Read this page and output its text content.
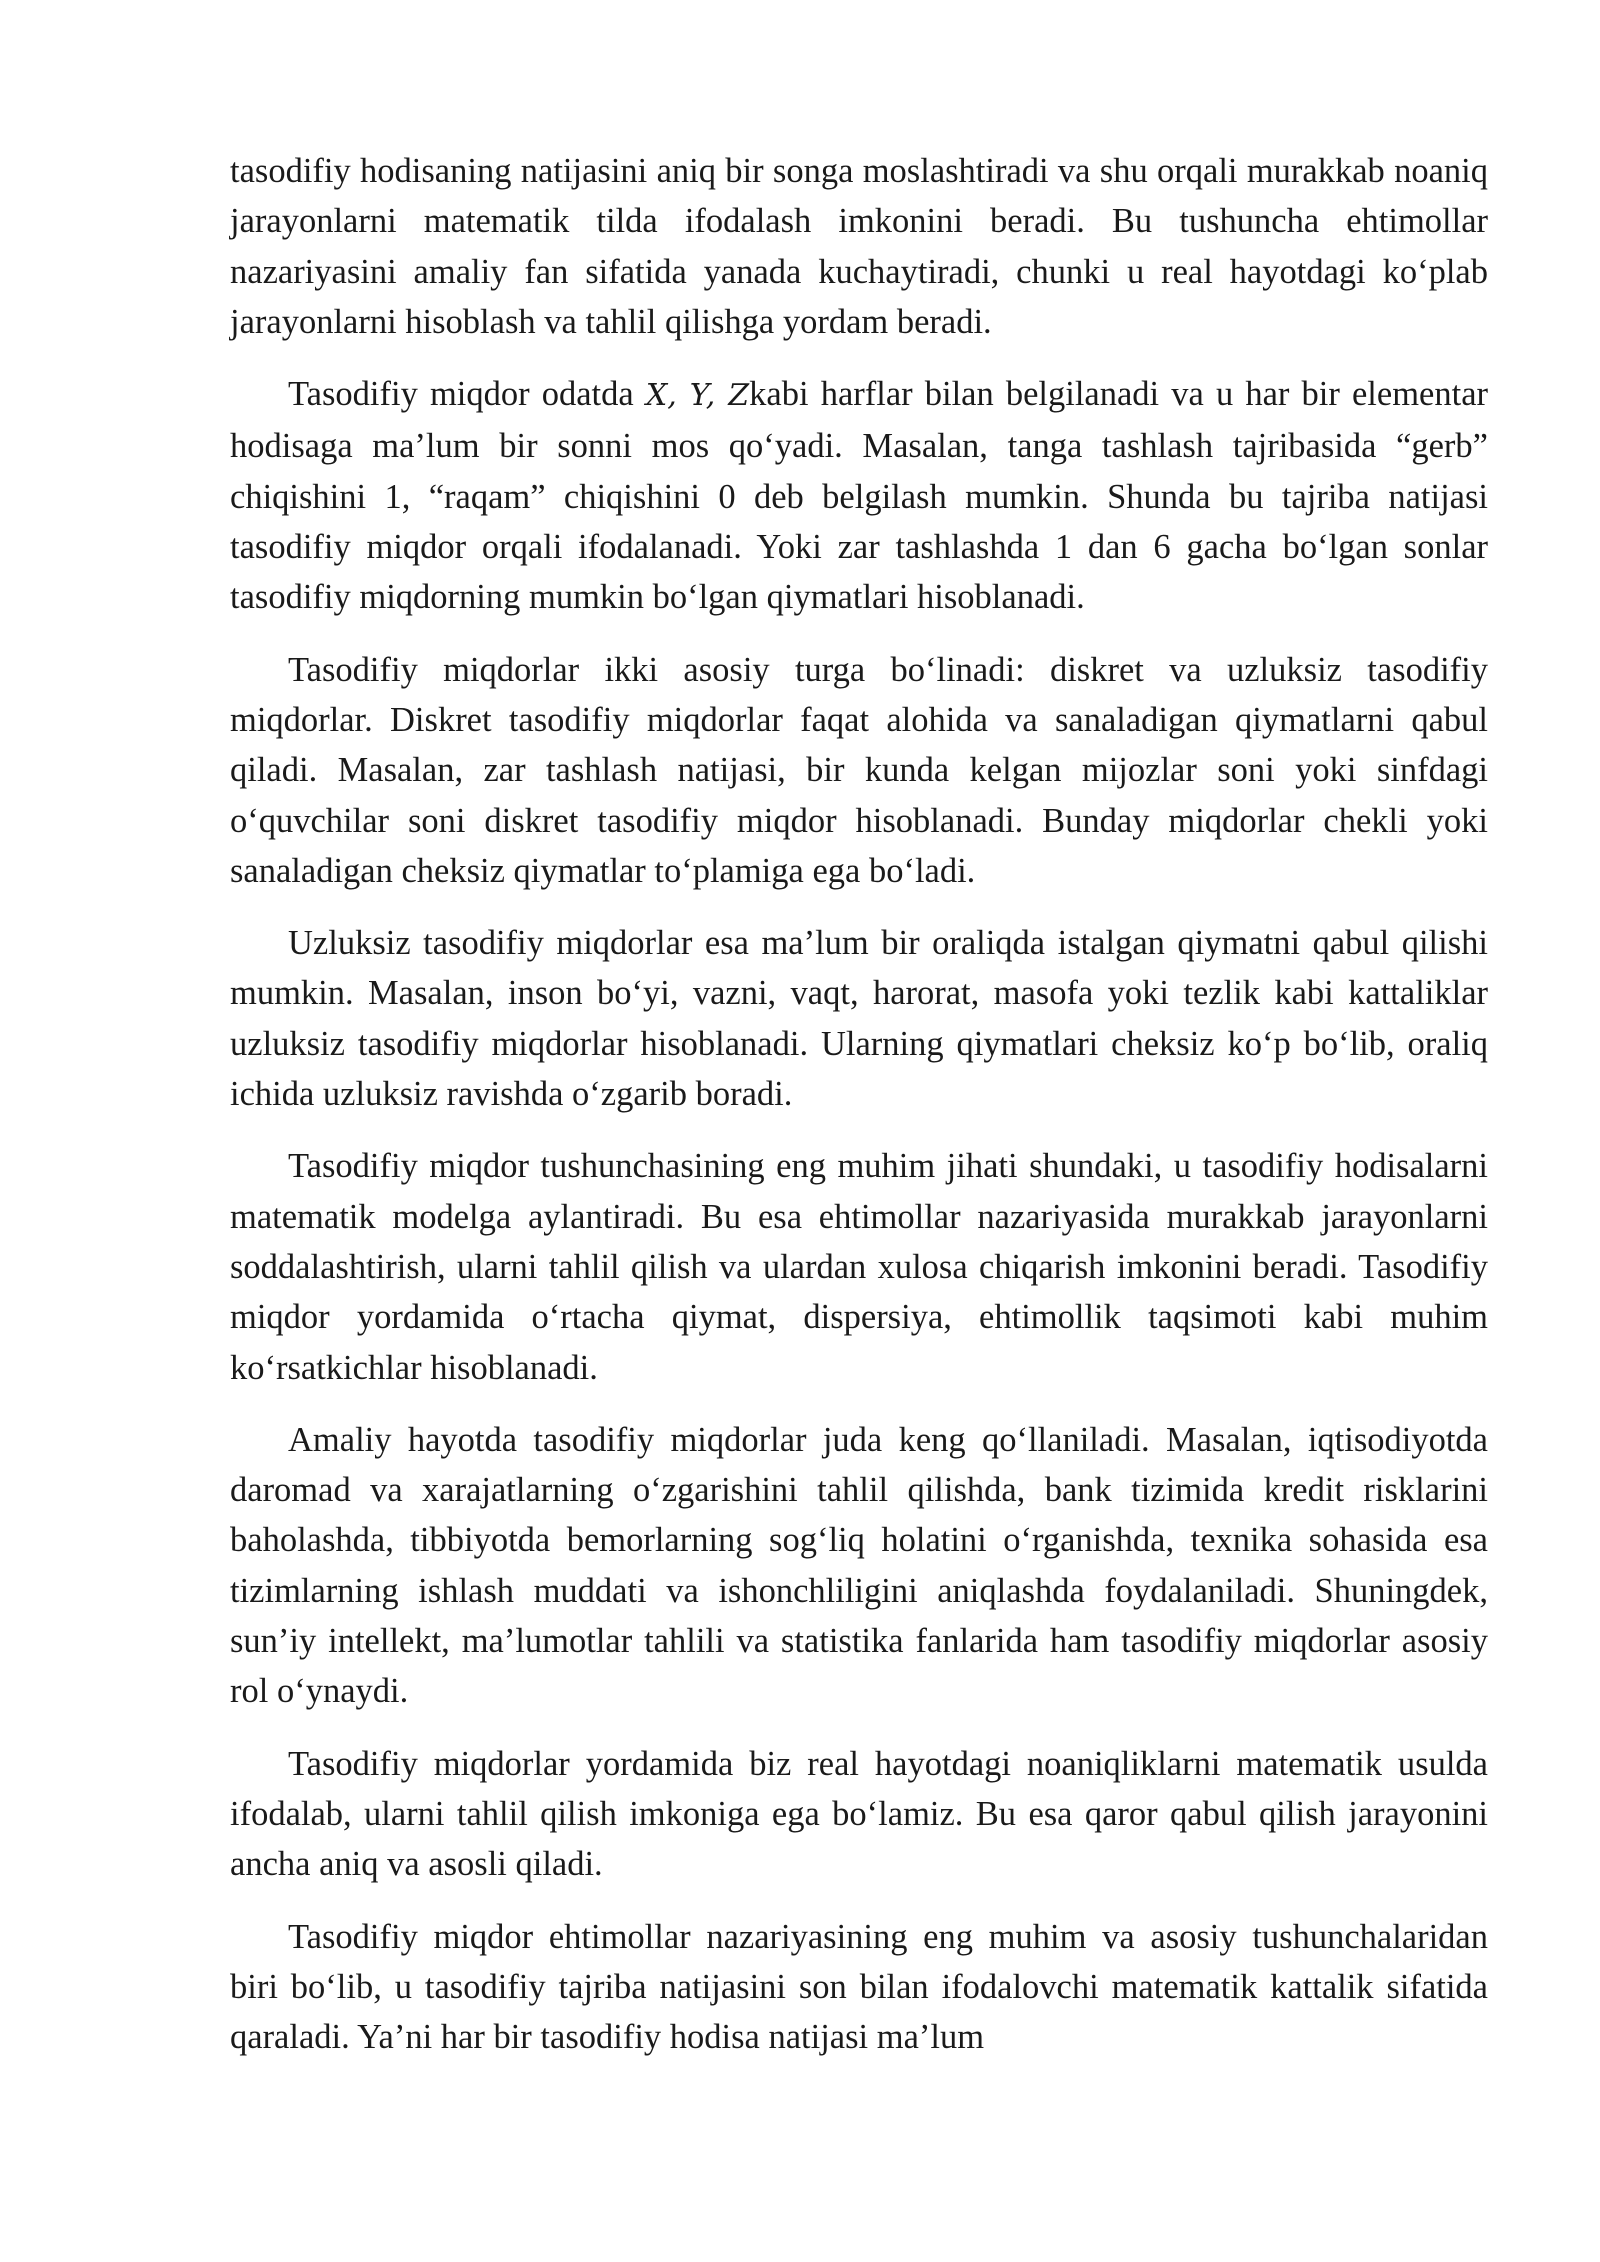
tasodifiy hodisaning natijasini aniq bir songa moslashtiradi va shu orqali murakkab noaniq jarayonlarni matematik tilda ifodalash imkonini beradi. Bu tushuncha ehtimollar nazariyasini amaliy fan sifatida yanada kuchaytiradi, chunki u real hayotdagi ko‘plab jarayonlarni hisoblash va tahlil qilishga yordam beradi.

Tasodifiy miqdor odatda X, Y, Zkabi harflar bilan belgilanadi va u har bir elementar hodisaga ma’lum bir sonni mos qo‘yadi. Masalan, tanga tashlash tajribasida “gerb” chiqishini 1, “raqam” chiqishini 0 deb belgilash mumkin. Shunda bu tajriba natijasi tasodifiy miqdor orqali ifodalanadi. Yoki zar tashlashda 1 dan 6 gacha bo‘lgan sonlar tasodifiy miqdorning mumkin bo‘lgan qiymatlari hisoblanadi.

Tasodifiy miqdorlar ikki asosiy turga bo‘linadi: diskret va uzluksiz tasodifiy miqdorlar. Diskret tasodifiy miqdorlar faqat alohida va sanaladigan qiymatlarni qabul qiladi. Masalan, zar tashlash natijasi, bir kunda kelgan mijozlar soni yoki sinfdagi o‘quvchilar soni diskret tasodifiy miqdor hisoblanadi. Bunday miqdorlar chekli yoki sanaladigan cheksiz qiymatlar to‘plamiga ega bo‘ladi.

Uzluksiz tasodifiy miqdorlar esa ma’lum bir oraliqda istalgan qiymatni qabul qilishi mumkin. Masalan, inson bo‘yi, vazni, vaqt, harorat, masofa yoki tezlik kabi kattaliklar uzluksiz tasodifiy miqdorlar hisoblanadi. Ularning qiymatlari cheksiz ko‘p bo‘lib, oraliq ichida uzluksiz ravishda o‘zgarib boradi.

Tasodifiy miqdor tushunchasining eng muhim jihati shundaki, u tasodifiy hodisalarni matematik modelga aylantiradi. Bu esa ehtimollar nazariyasida murakkab jarayonlarni soddalashtirish, ularni tahlil qilish va ulardan xulosa chiqarish imkonini beradi. Tasodifiy miqdor yordamida o‘rtacha qiymat, dispersiya, ehtimollik taqsimoti kabi muhim ko‘rsatkichlar hisoblanadi.

Amaliy hayotda tasodifiy miqdorlar juda keng qo‘llaniladi. Masalan, iqtisodiyotda daromad va xarajatlarning o‘zgarishini tahlil qilishda, bank tizimida kredit risklarini baholashda, tibbiyotda bemorlarning sog‘liq holatini o‘rganishda, texnika sohasida esa tizimlarning ishlash muddati va ishonchliligini aniqlashda foydalaniladi. Shuningdek, sun’iy intellekt, ma’lumotlar tahlili va statistika fanlarida ham tasodifiy miqdorlar asosiy rol o‘ynaydi.

Tasodifiy miqdorlar yordamida biz real hayotdagi noaniqliklarni matematik usulda ifodalab, ularni tahlil qilish imkoniga ega bo‘lamiz. Bu esa qaror qabul qilish jarayonini ancha aniq va asosli qiladi.

Tasodifiy miqdor ehtimollar nazariyasining eng muhim va asosiy tushunchalaridan biri bo‘lib, u tasodifiy tajriba natijasini son bilan ifodalovchi matematik kattalik sifatida qaraladi. Ya’ni har bir tasodifiy hodisa natijasi ma’lum
